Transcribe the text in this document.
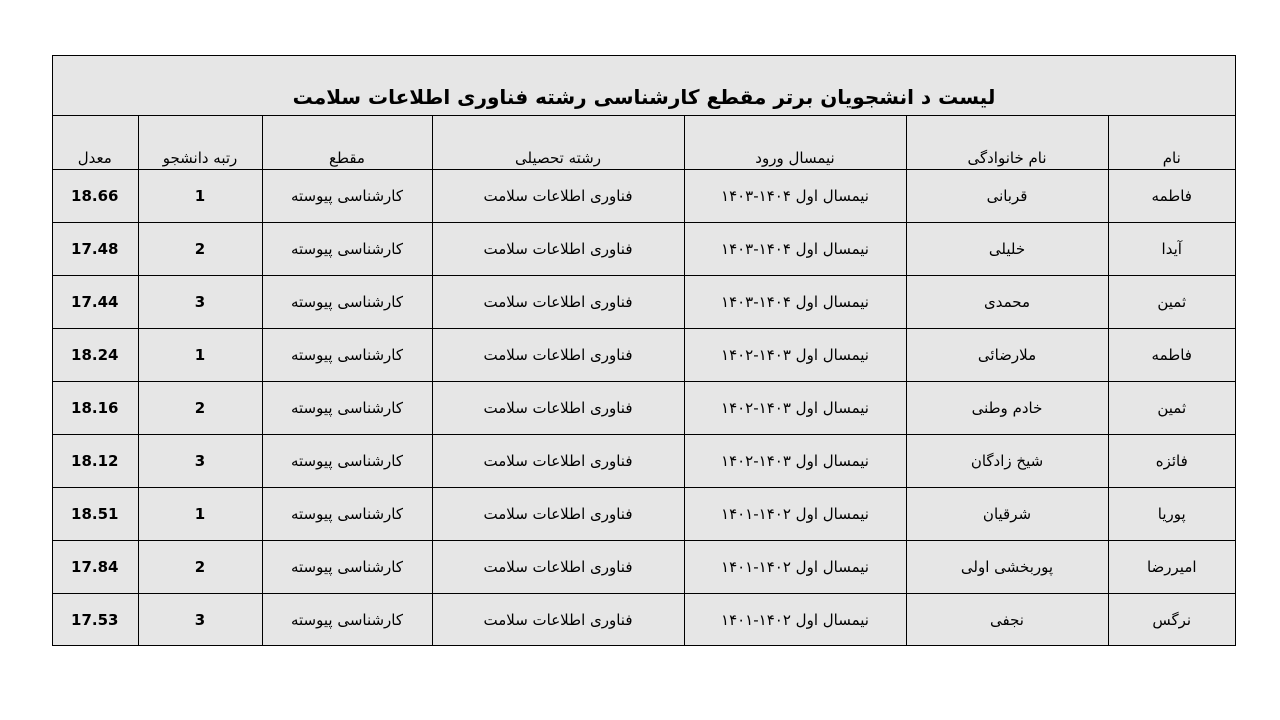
لیست د انشجویان برتر مقطع کارشناسی رشته فناوری اطلاعات سلامت
نام	نام خانوادگی	نیمسال ورود	رشته تحصیلی	مقطع	رتبه دانشجو	معدل
فاطمه	قربانی	نیمسال اول ۱۴۰۴-۱۴۰۳	فناوری اطلاعات سلامت	کارشناسی پیوسته	1	18.66
آیدا	خلیلی	نیمسال اول ۱۴۰۴-۱۴۰۳	فناوری اطلاعات سلامت	کارشناسی پیوسته	2	17.48
ثمین	محمدی	نیمسال اول ۱۴۰۴-۱۴۰۳	فناوری اطلاعات سلامت	کارشناسی پیوسته	3	17.44
فاطمه	ملارضائی	نیمسال اول ۱۴۰۳-۱۴۰۲	فناوری اطلاعات سلامت	کارشناسی پیوسته	1	18.24
ثمین	خادم وطنی	نیمسال اول ۱۴۰۳-۱۴۰۲	فناوری اطلاعات سلامت	کارشناسی پیوسته	2	18.16
فائزه	شیخ زادگان	نیمسال اول ۱۴۰۳-۱۴۰۲	فناوری اطلاعات سلامت	کارشناسی پیوسته	3	18.12
پوریا	شرقیان	نیمسال اول ۱۴۰۲-۱۴۰۱	فناوری اطلاعات سلامت	کارشناسی پیوسته	1	18.51
امیررضا	پوربخشی اولی	نیمسال اول ۱۴۰۲-۱۴۰۱	فناوری اطلاعات سلامت	کارشناسی پیوسته	2	17.84
نرگس	نجفی	نیمسال اول ۱۴۰۲-۱۴۰۱	فناوری اطلاعات سلامت	کارشناسی پیوسته	3	17.53
